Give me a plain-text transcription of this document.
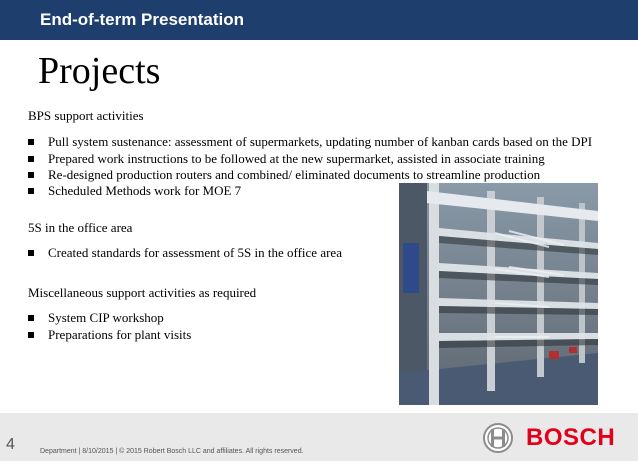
End-of-term Presentation
Projects
BPS support activities
Pull system sustenance: assessment of supermarkets, updating number of kanban cards based on the DPI
Prepared work instructions to be followed at the new supermarket, assisted in associate training
Re-designed production routers and combined/ eliminated documents to streamline production
Scheduled Methods work for MOE 7
5S in the office area
Created standards for assessment of 5S in the office area
Miscellaneous support activities as required
System CIP workshop
Preparations for plant visits
4	Department | 8/10/2015 | © 2015 Robert Bosch LLC and affiliates. All rights reserved.
BOSCH
